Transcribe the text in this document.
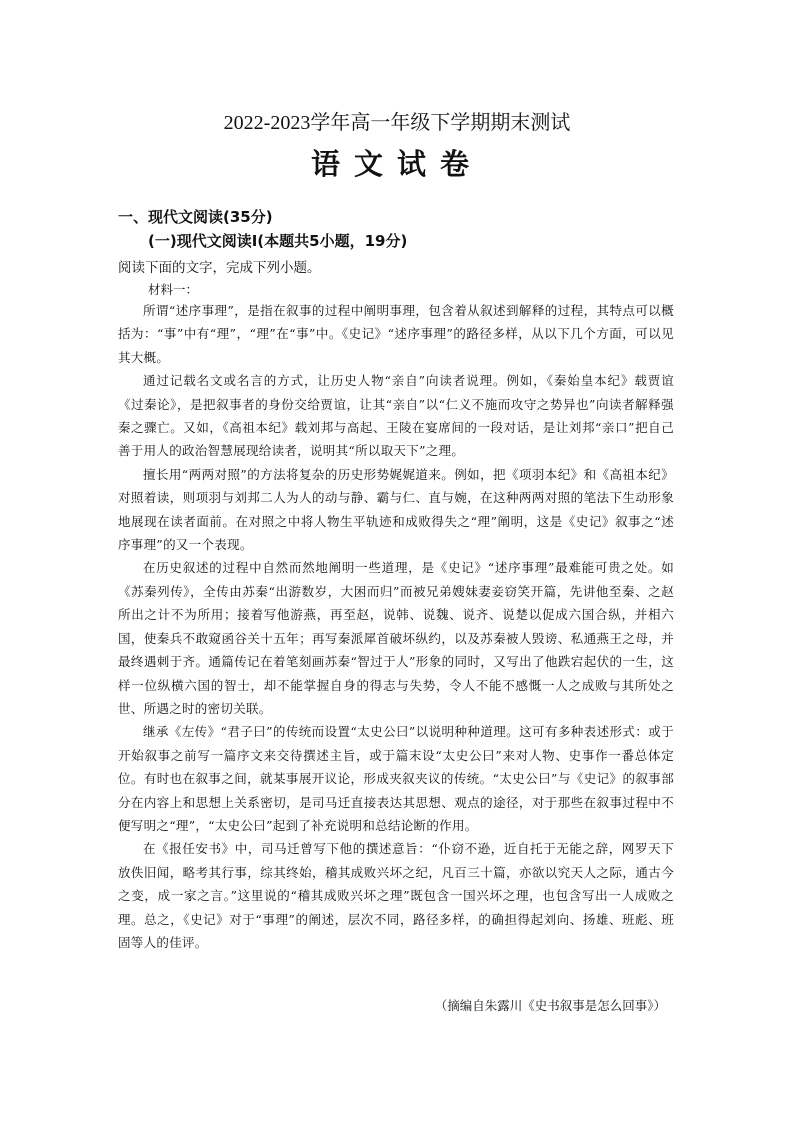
2022-2023学年高一年级下学期期末测试
语文试卷
一、现代文阅读(35分)
(一)现代文阅读Ⅰ(本题共5小题，19分)
阅读下面的文字，完成下列小题。
材料一：

所谓“述序事理”，是指在叙事的过程中阐明事理，包含着从叙述到解释的过程，其特点可以概括为：“事”中有“理”，“理”在“事”中。《史记》“述序事理”的路径多样，从以下几个方面，可以见其大概。

通过记载名文或名言的方式，让历史人物“亲自”向读者说理。例如，《秦始皇本纪》载贾谊《过秦论》，是把叙事者的身份交给贾谊，让其“亲自”以“仁义不施而攻守之势异也”向读者解释强秦之骤亡。又如，《高祖本纪》载刘邦与高起、王陵在宴席间的一段对话，是让刘邦“亲口”把自己善于用人的政治智慧展现给读者，说明其“所以取天下”之理。

擅长用“两两对照”的方法将复杂的历史形势娓娓道来。例如，把《项羽本纪》和《高祖本纪》对照着读，则项羽与刘邦二人为人的动与静、霸与仁、直与婉，在这种两两对照的笔法下生动形象地展现在读者面前。在对照之中将人物生平轨迹和成败得失之“理”阐明，这是《史记》叙事之“述序事理”的又一个表现。

在历史叙述的过程中自然而然地阐明一些道理，是《史记》“述序事理”最难能可贵之处。如《苏秦列传》，全传由苏秦“出游数岁，大困而归”而被兄弟嫂妹妻妾窃笑开篇，先讲他至秦、之赵所出之计不为所用；接着写他游燕，再至赵，说韩、说魏、说齐、说楚以促成六国合纵，并相六国，使秦兵不敢窥函谷关十五年；再写秦派犀首破坏纵约，以及苏秦被人毁谤、私通燕王之母，并最终遇刺于齐。通篇传记在着笔刻画苏秦“智过于人”形象的同时，又写出了他跌宕起伏的一生，这样一位纵横六国的智士，却不能掌握自身的得志与失势，令人不能不感慨一人之成败与其所处之世、所遇之时的密切关联。

继承《左传》“君子曰”的传统而设置“太史公曰”以说明种种道理。这可有多种表述形式：或于开始叙事之前写一篇序文来交待撰述主旨，或于篇末设“太史公曰”来对人物、史事作一番总体定位。有时也在叙事之间，就某事展开议论，形成夹叙夹议的传统。“太史公曰”与《史记》的叙事部分在内容上和思想上关系密切，是司马迁直接表达其思想、观点的途径，对于那些在叙事过程中不便写明之“理”，“太史公曰”起到了补充说明和总结论断的作用。

在《报任安书》中，司马迁曾写下他的撰述意旨：“仆窃不逊，近自托于无能之辞，网罗天下放佚旧闻，略考其行事，综其终始，稽其成败兴坏之纪，凡百三十篇，亦欲以究天人之际，通古今之变，成一家之言。”这里说的“稽其成败兴坏之理”既包含一国兴坏之理，也包含写出一人成败之理。总之，《史记》对于“事理”的阐述，层次不同，路径多样，的确担得起刘向、扬雄、班彪、班固等人的佳评。

（摘编自朱露川《史书叙事是怎么回事》）
